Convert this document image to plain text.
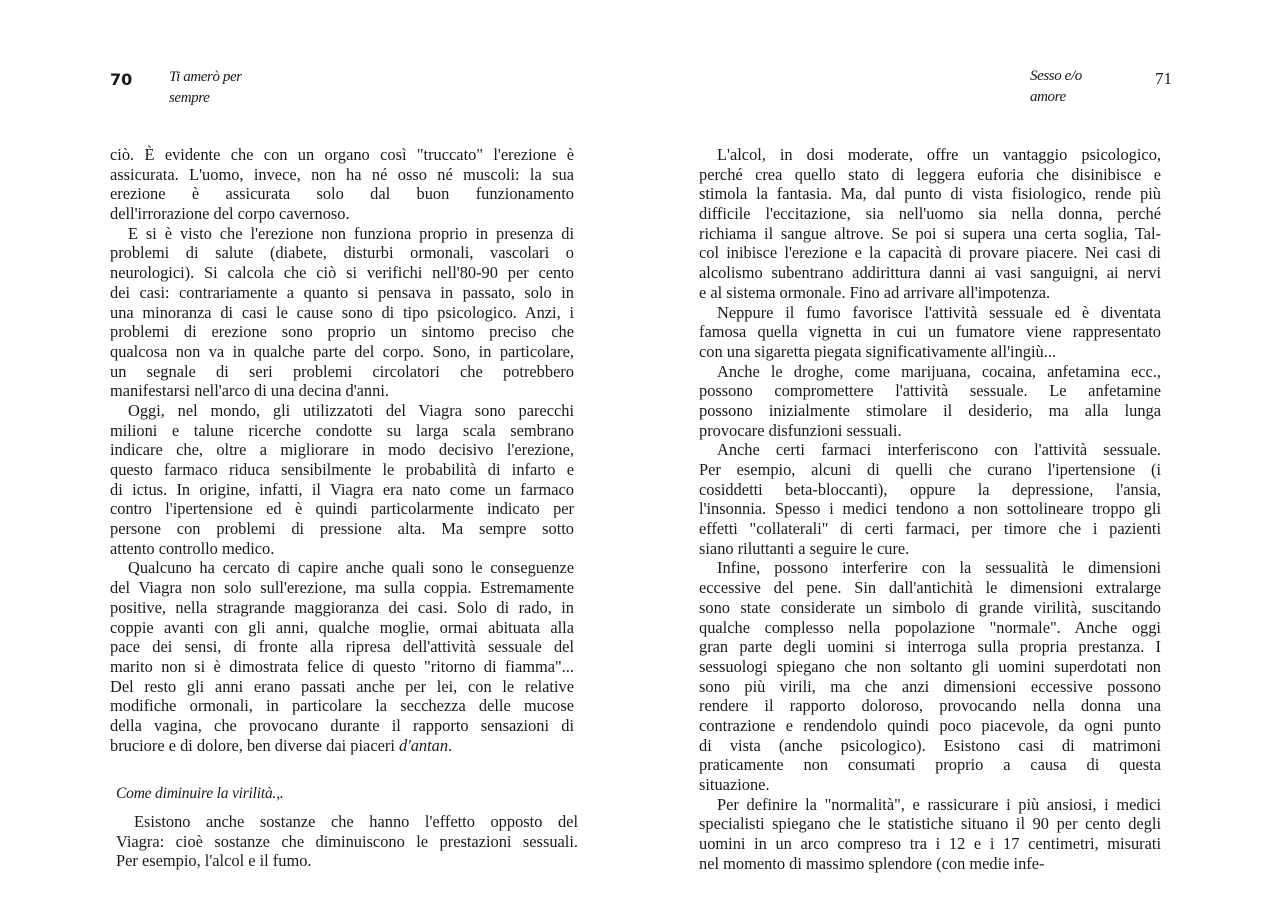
70 Ti amerò per
sempre
ciò. È evidente che con un organo così "truccato" l'erezione è
assicurata. L'uomo, invece, non ha né osso né muscoli: la sua
erezione è assicurata solo dal buon funzionamento
dell'irrorazione del corpo cavernoso.
E si è visto che l'erezione non funziona proprio in presenza di
problemi di salute (diabete, disturbi ormonali, vascolari o
neurologici). Si calcola che ciò si verifichi nell'80-90 per cento
dei casi: contrariamente a quanto si pensava in passato, solo in
una minoranza di casi le cause sono di tipo psicologico. Anzi, i
problemi di erezione sono proprio un sintomo preciso che
qualcosa non va in qualche parte del corpo. Sono, in particolare,
un segnale di seri problemi circolatori che potrebbero
manifestarsi nell'arco di una decina d'anni.
Oggi, nel mondo, gli utilizzatoti del Viagra sono parecchi
milioni e talune ricerche condotte su larga scala sembrano
indicare che, oltre a migliorare in modo decisivo l'erezione,
questo farmaco riduca sensibilmente le probabilità di infarto e
di ictus. In origine, infatti, il Viagra era nato come un farmaco
contro l'ipertensione ed è quindi particolarmente indicato per
persone con problemi di pressione alta. Ma sempre sotto
attento controllo medico.
Qualcuno ha cercato di capire anche quali sono le conseguenze
del Viagra non solo sull'erezione, ma sulla coppia. Estremamente
positive, nella stragrande maggioranza dei casi. Solo di rado, in
coppie avanti con gli anni, qualche moglie, ormai abituata alla
pace dei sensi, di fronte alla ripresa dell'attività sessuale del
marito non si è dimostrata felice di questo "ritorno di fiamma"...
Del resto gli anni erano passati anche per lei, con le relative
modifiche ormonali, in particolare la secchezza delle mucose
della vagina, che provocano durante il rapporto sensazioni di
bruciore e di dolore, ben diverse dai piaceri d'antan.
Come diminuire la virilità.,.
Esistono anche sostanze che hanno l'effetto opposto del
Viagra: cioè sostanze che diminuiscono le prestazioni sessuali.
Per esempio, l'alcol e il fumo.
Sesso e/o
amore
71
L'alcol, in dosi moderate, offre un vantaggio psicologico,
perché crea quello stato di leggera euforia che disinibisce e
stimola la fantasia. Ma, dal punto di vista fisiologico, rende più
difficile l'eccitazione, sia nell'uomo sia nella donna, perché
richiama il sangue altrove. Se poi si supera una certa soglia, Tal-
col inibisce l'erezione e la capacità di provare piacere. Nei casi di
alcolismo subentrano addirittura danni ai vasi sanguigni, ai nervi
e al sistema ormonale. Fino ad arrivare all'impotenza.
Neppure il fumo favorisce l'attività sessuale ed è diventata
famosa quella vignetta in cui un fumatore viene rappresentato
con una sigaretta piegata significativamente all'ingiù...
Anche le droghe, come marijuana, cocaina, anfetamina ecc.,
possono compromettere l'attività sessuale. Le anfetamine
possono inizialmente stimolare il desiderio, ma alla lunga
provocare disfunzioni sessuali.
Anche certi farmaci interferiscono con l'attività sessuale.
Per esempio, alcuni di quelli che curano l'ipertensione (i
cosiddetti beta-bloccanti), oppure la depressione, l'ansia,
l'insonnia. Spesso i medici tendono a non sottolineare troppo gli
effetti "collaterali" di certi farmaci, per timore che i pazienti
siano riluttanti a seguire le cure.
Infine, possono interferire con la sessualità le dimensioni
eccessive del pene. Sin dall'antichità le dimensioni extralarge
sono state considerate un simbolo di grande virilità, suscitando
qualche complesso nella popolazione "normale". Anche oggi
gran parte degli uomini si interroga sulla propria prestanza. I
sessuologi spiegano che non soltanto gli uomini superdotati non
sono più virili, ma che anzi dimensioni eccessive possono
rendere il rapporto doloroso, provocando nella donna una
contrazione e rendendolo quindi poco piacevole, da ogni punto
di vista (anche psicologico). Esistono casi di matrimoni
praticamente non consumati proprio a causa di questa
situazione.
Per definire la "normalità", e rassicurare i più ansiosi, i medici
specialisti spiegano che le statistiche situano il 90 per cento degli
uomini in un arco compreso tra i 12 e i 17 centimetri, misurati
nel momento di massimo splendore (con medie infe-
